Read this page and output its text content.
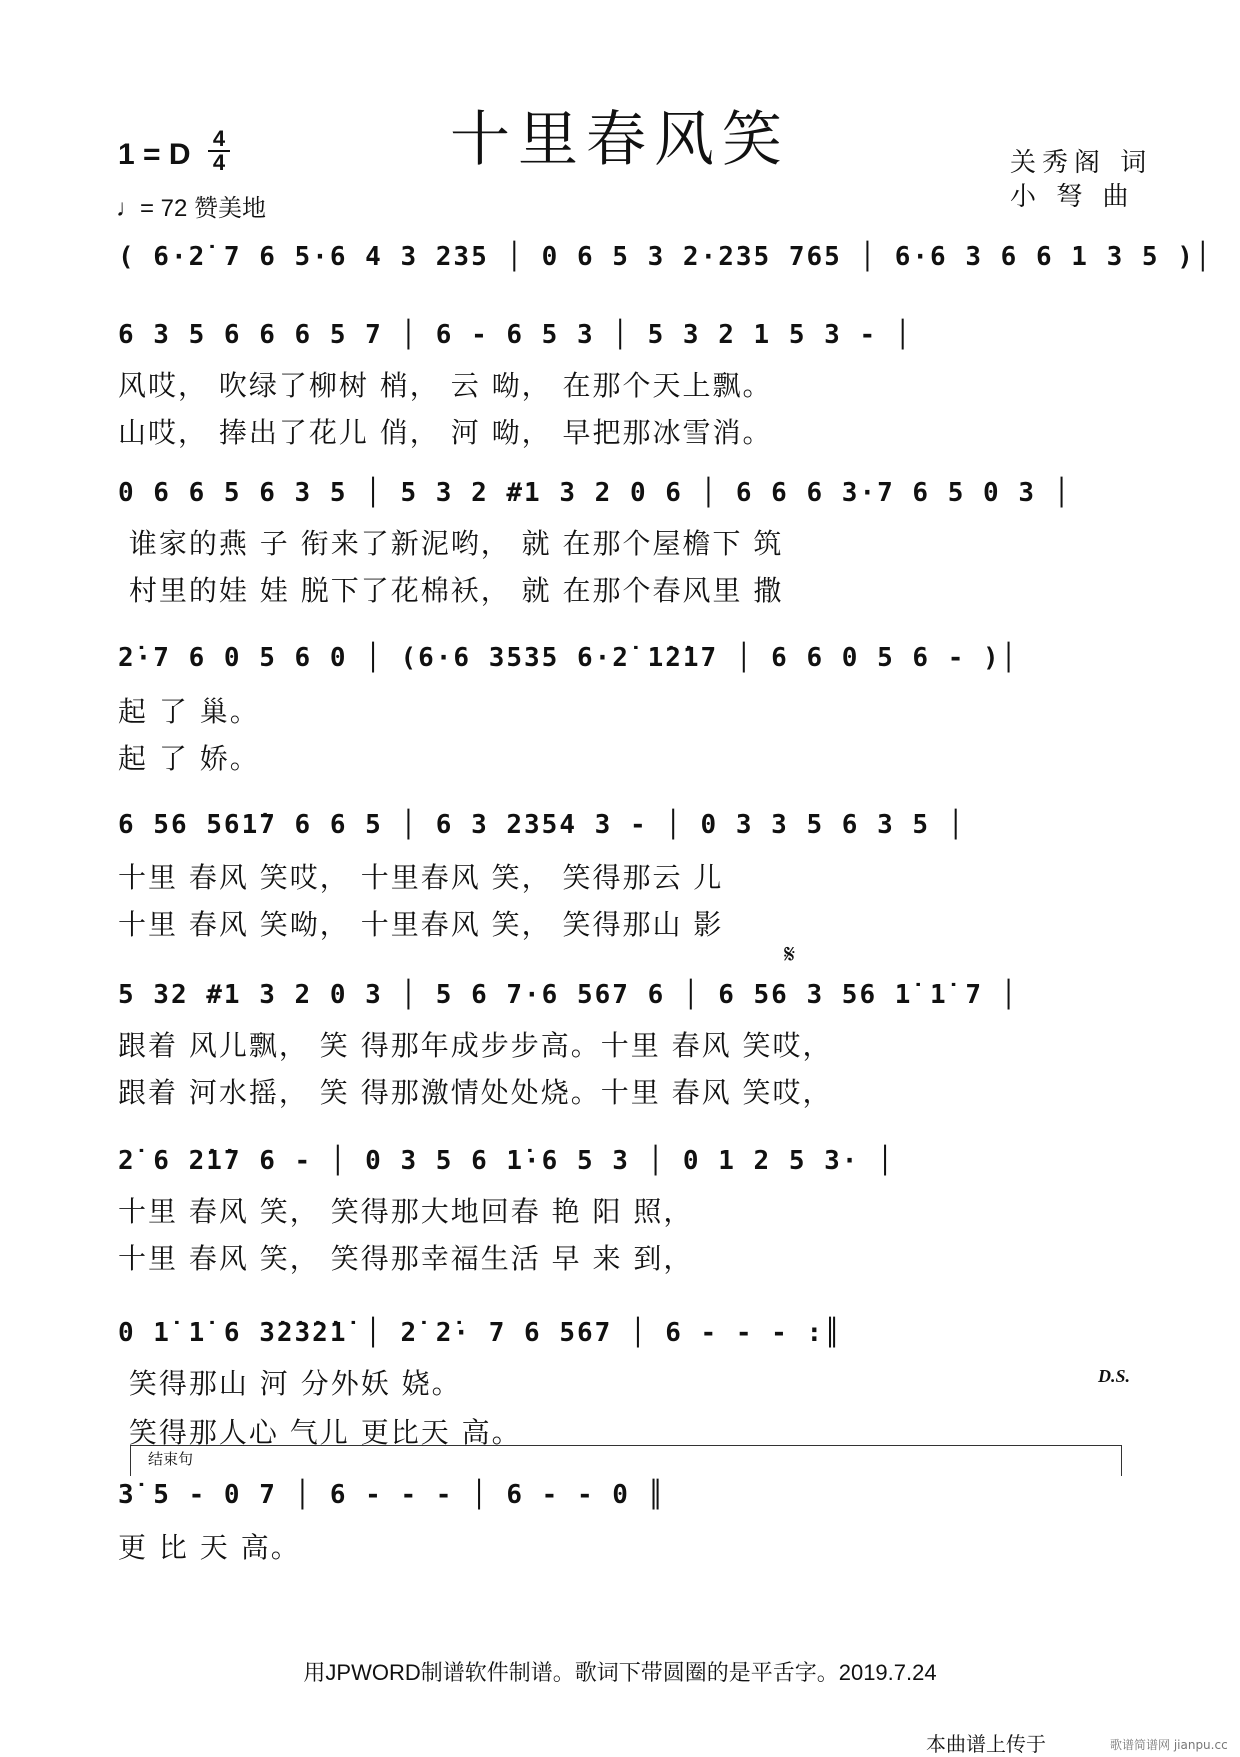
十里春风笑
1 = D 4
4
♩= 72 赞美地
关秀阁 词
小 弩 曲
( 6·2̇ 7 6 5·6 4 3 235 │ 0 6 5 3 2·235 765 │ 6·6 3 6 6 1 3 5 )│
6 3 5 6 6 6 5 7 │ 6 - 6 5 3 │ 5 3 2 1 5 3 - │
风哎， 吹绿了柳树 梢， 云 呦， 在那个天上飘。
山哎， 捧出了花儿 俏， 河 呦， 早把那冰雪消。
0 6 6 5 6 3 5 │ 5 3 2 #1 3 2 0 6 │ 6 6 6 3·7 6 5 0 3 │
谁家的燕 子 衔来了新泥哟， 就 在那个屋檐下 筑
村里的娃 娃 脱下了花棉袄， 就 在那个春风里 撒
2̇·7 6 0 5 6 0 │ (6·6 3535 6·2̇ 1̇2̇17 │ 6 6 0 5 6 - )│
起 了 巢。
起 了 娇。
6 56 561̇7 6 6 5 │ 6 3 2354 3 - │ 0 3 3 5 6 3 5 │
十里 春风 笑哎， 十里春风 笑， 笑得那云 儿
十里 春风 笑呦， 十里春风 笑， 笑得那山 影
𝄋
5 32 #1 3 2 0 3 │ 5 6 7·6 567 6 │ 6 56 3 56 1̇ 1̇ 7 │
跟着 风儿飘， 笑 得那年成步步高。十里 春风 笑哎，
跟着 河水摇， 笑 得那激情处处烧。十里 春风 笑哎，
2̇ 6 2̇1̇7 6 - │ 0 3 5 6 1̇·6 5 3 │ 0 1 2 5 3· │
十里 春风 笑， 笑得那大地回春 艳 阳 照，
十里 春风 笑， 笑得那幸福生活 早 来 到，
0 1̇ 1̇ 6 3̇2̇3̇2̇1̇ │ 2̇ 2̇· 7 6 567 │ 6 - - - :║
笑得那山 河 分外妖 娆。
笑得那人心 气儿 更比天 高。
D.S.
结束句
3̇ 5 - 0 7 │ 6 - - - │ 6 - - 0 ║
更 比 天 高。
用JPWORD制谱软件制谱。歌词下带圆圈的是平舌字。2019.7.24
本曲谱上传于	歌谱简谱网 jianpu.cc
